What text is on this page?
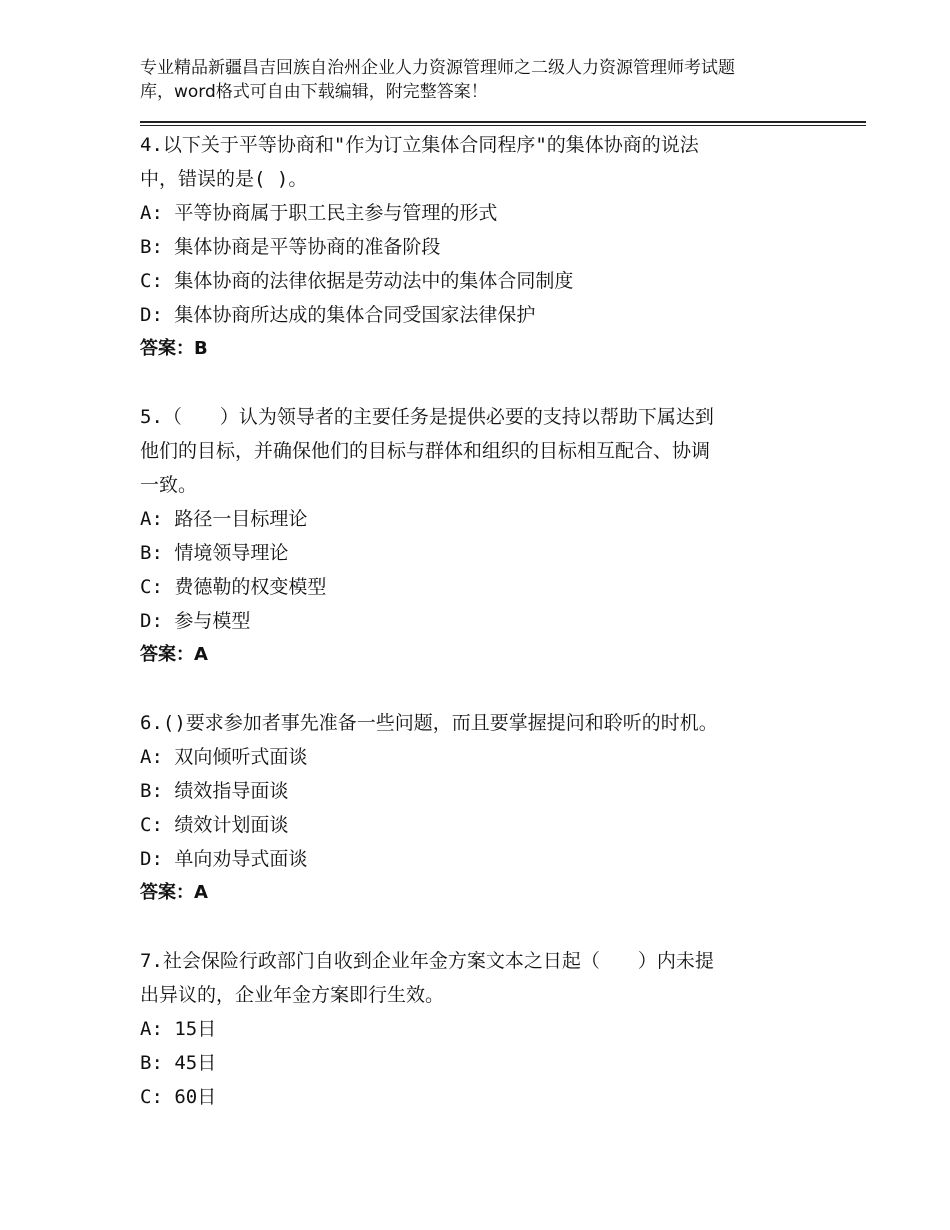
专业精品新疆昌吉回族自治州企业人力资源管理师之二级人力资源管理师考试题
库，word格式可自由下载编辑，附完整答案！

4.以下关于平等协商和"作为订立集体合同程序"的集体协商的说法

中，错误的是( )。

A: 平等协商属于职工民主参与管理的形式

B: 集体协商是平等协商的准备阶段

C: 集体协商的法律依据是劳动法中的集体合同制度

D: 集体协商所达成的集体合同受国家法律保护

答案：B

5.（　　）认为领导者的主要任务是提供必要的支持以帮助下属达到

他们的目标，并确保他们的目标与群体和组织的目标相互配合、协调

一致。

A: 路径一目标理论

B: 情境领导理论

C: 费德勒的权变模型

D: 参与模型

答案：A

6.()要求参加者事先准备一些问题，而且要掌握提问和聆听的时机。

A: 双向倾听式面谈

B: 绩效指导面谈

C: 绩效计划面谈

D: 单向劝导式面谈

答案：A

7.社会保险行政部门自收到企业年金方案文本之日起（　　）内未提

出异议的，企业年金方案即行生效。

A: 15日

B: 45日

C: 60日
